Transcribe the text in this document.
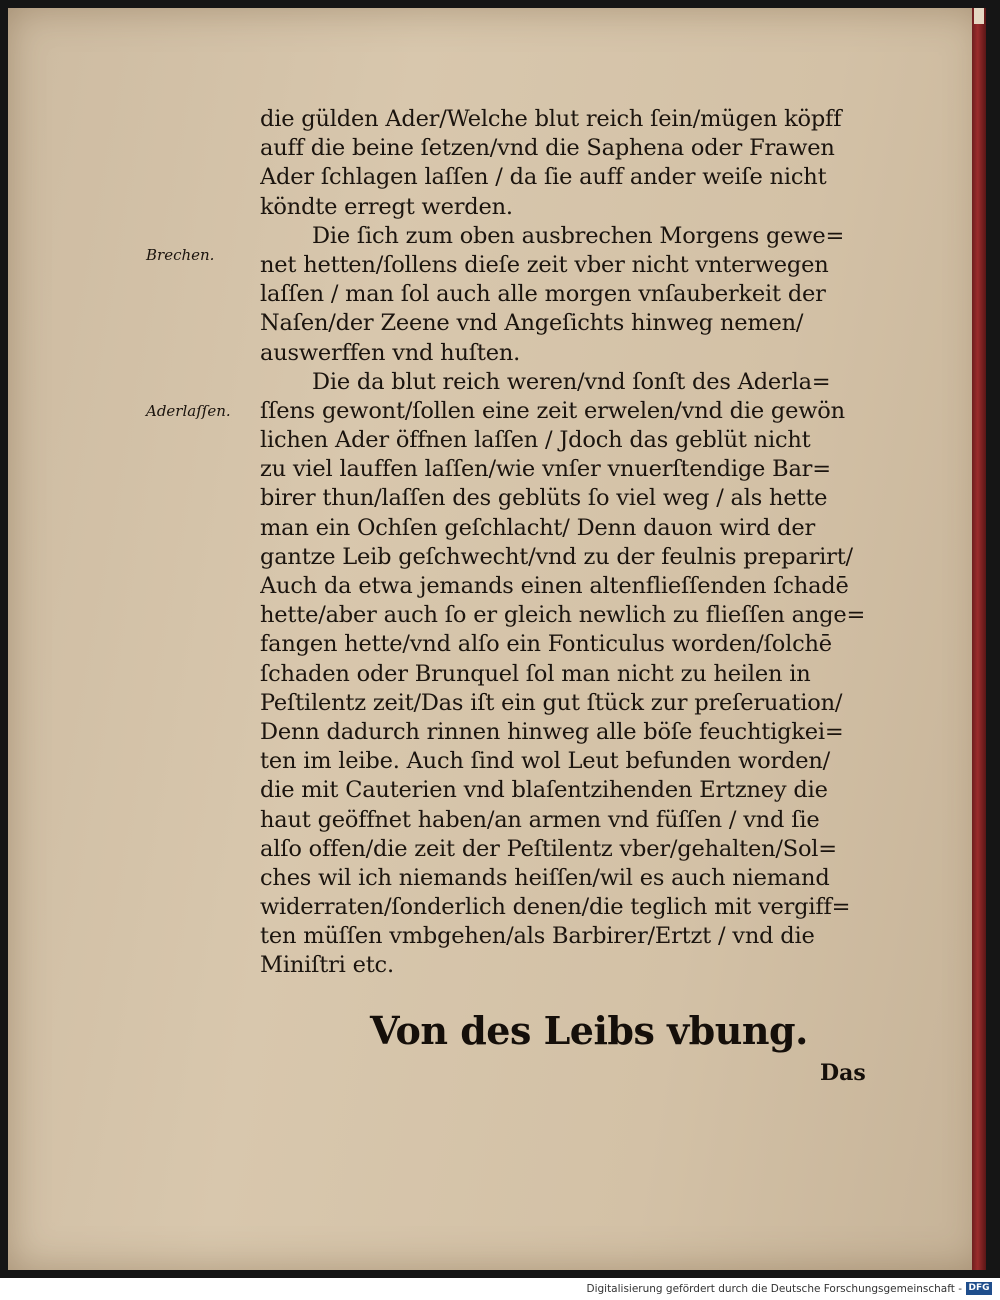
Brechen.
Aderlaſſen.
die gülden Ader/Welche blut reich ſein/mügen köpff
auff die beine ſetzen/vnd die Saphena oder Frawen
Ader ſchlagen laſſen / da ſie auff ander weiſe nicht
köndte erregt werden.
Die ſich zum oben ausbrechen Morgens gewe=
net hetten/ſollens dieſe zeit vber nicht vnterwegen
laſſen / man ſol auch alle morgen vnſauberkeit der
Naſen/der Zeene vnd Angeſichts hinweg nemen/
auswerffen vnd huſten.
Die da blut reich weren/vnd ſonſt des Aderla=
ſſens gewont/ſollen eine zeit erwelen/vnd die gewön
lichen Ader öffnen laſſen / Jdoch das geblüt nicht
zu viel lauffen laſſen/wie vnſer vnuerſtendige Bar=
birer thun/laſſen des geblüts ſo viel weg / als hette
man ein Ochſen geſchlacht/ Denn dauon wird der
gantze Leib geſchwecht/vnd zu der feulnis preparirt/
Auch da etwa jemands einen altenflieſſenden ſchadē
hette/aber auch ſo er gleich newlich zu flieſſen ange=
fangen hette/vnd alſo ein Fonticulus worden/ſolchē
ſchaden oder Brunquel ſol man nicht zu heilen in
Peſtilentz zeit/Das iſt ein gut ſtück zur preſeruation/
Denn dadurch rinnen hinweg alle böſe feuchtigkei=
ten im leibe. Auch ſind wol Leut befunden worden/
die mit Cauterien vnd blaſentzihenden Ertzney die
haut geöffnet haben/an armen vnd füſſen / vnd ſie
alſo offen/die zeit der Peſtilentz vber/gehalten/Sol=
ches wil ich niemands heiſſen/wil es auch niemand
widerraten/ſonderlich denen/die teglich mit vergiff=
ten müſſen vmbgehen/als Barbirer/Ertzt / vnd die
Miniſtri etc.
Von des Leibs vbung.
Das
Digitalisierung gefördert durch die Deutsche Forschungsgemeinschaft - DFG
